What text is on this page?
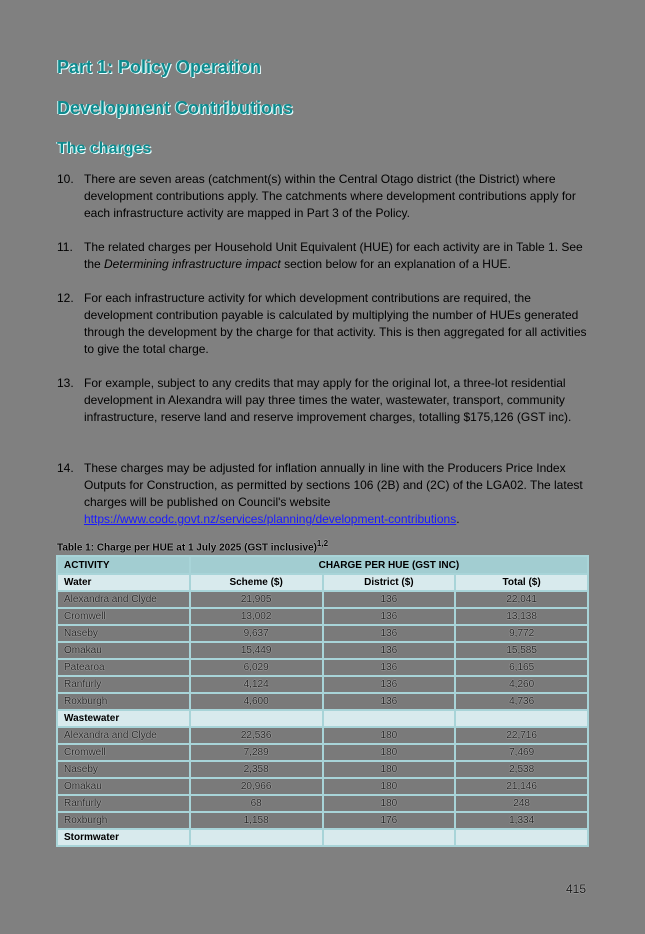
Part 1: Policy Operation
Development Contributions
The charges
10. There are seven areas (catchment(s) within the Central Otago district (the District) where development contributions apply. The catchments where development contributions apply for each infrastructure activity are mapped in Part 3 of the Policy.
11. The related charges per Household Unit Equivalent (HUE) for each activity are in Table 1. See the Determining infrastructure impact section below for an explanation of a HUE.
12. For each infrastructure activity for which development contributions are required, the development contribution payable is calculated by multiplying the number of HUEs generated through the development by the charge for that activity. This is then aggregated for all activities to give the total charge.
13. For example, subject to any credits that may apply for the original lot, a three-lot residential development in Alexandra will pay three times the water, wastewater, transport, community infrastructure, reserve land and reserve improvement charges, totalling $175,126 (GST inc).
14. These charges may be adjusted for inflation annually in line with the Producers Price Index Outputs for Construction, as permitted by sections 106 (2B) and (2C) of the LGA02. The latest charges will be published on Council's website https://www.codc.govt.nz/services/planning/development-contributions.
Table 1: Charge per HUE at 1 July 2025 (GST inclusive)$^{1,2}$
ACTIVITY	CHARGE PER HUE (GST INC)		
Water	Scheme ($)	District ($)	Total ($)
Alexandra and Clyde	21,905	136	22,041
Cromwell	13,002	136	13,138
Naseby	9,637	136	9,772
Omakau	15,449	136	15,585
Patearoa	6,029	136	6,165
Ranfurly	4,124	136	4,260
Roxburgh	4,600	136	4,736
Wastewater			
Alexandra and Clyde	22,536	180	22,716
Cromwell	7,289	180	7,469
Naseby	2,358	180	2,538
Omakau	20,966	180	21,146
Ranfurly	68	180	248
Roxburgh	1,158	176	1,334
Stormwater			
415
